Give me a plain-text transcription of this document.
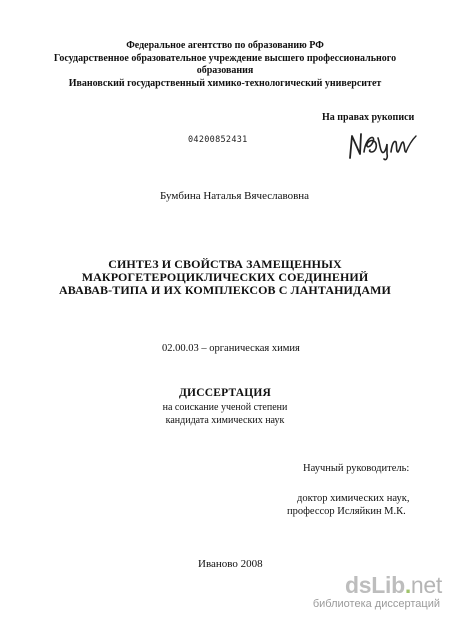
Федеральное агентство по образованию РФ
Государственное образовательное учреждение высшего профессионального
образования
Ивановский государственный химико-технологический университет
На правах рукописи
04200852431
Бумбина Наталья Вячеславовна
СИНТЕЗ И СВОЙСТВА ЗАМЕЩЕННЫХ
МАКРОГЕТЕРОЦИКЛИЧЕСКИХ СОЕДИНЕНИЙ
АВАВАВ-ТИПА И ИХ КОМПЛЕКСОВ С ЛАНТАНИДАМИ
02.00.03 – органическая химия
ДИССЕРТАЦИЯ
на соискание ученой степени
кандидата химических наук
Научный руководитель:
доктор химических наук,
профессор Исляйкин М.К.
Иваново 2008
dsLib.net
библиотека диссертаций
